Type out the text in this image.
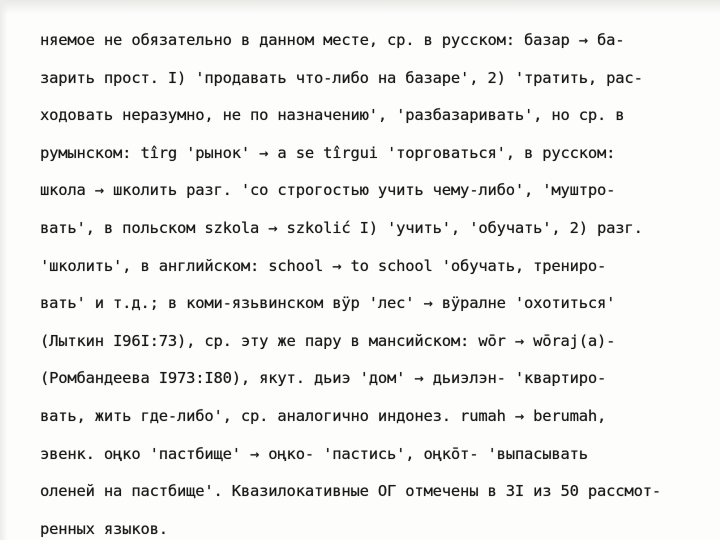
няемое не обязательно в данном месте, ср. в русском: базар → ба-
зарить прост. I) 'продавать что-либо на базаре', 2) 'тратить, рас-
ходовать неразумно, не по назначению', 'разбазаривать', но ср. в
румынском: tîrg 'рынок' → a se tîrgui 'торговаться', в русском:
школа → школить разг. 'со строгостью учить чему-либо', 'муштро-
вать', в польском szkola → szkolić I) 'учить', 'обучать', 2) разг.
'школить', в английском: school → to school 'обучать, трениро-
вать' и т.д.; в коми-язьвинском вӱр 'лес' → вӱралне 'охотиться'
(Лыткин I96I:73), ср. эту же пару в мансийском: wōr → wōraj(a)-
(Ромбандеева I973:I80), якут. дьиэ 'дом' → дьиэлэн- 'квартиро-
вать, жить где-либо', ср. аналогично индонез. rumah → berumah,
эвенк. оңко 'пастбище' → оңко- 'пастись', оңкōт- 'выпасывать
оленей на пастбище'. Квазилокативные ОГ отмечены в 3I из 50 рассмот-
ренных языков.
